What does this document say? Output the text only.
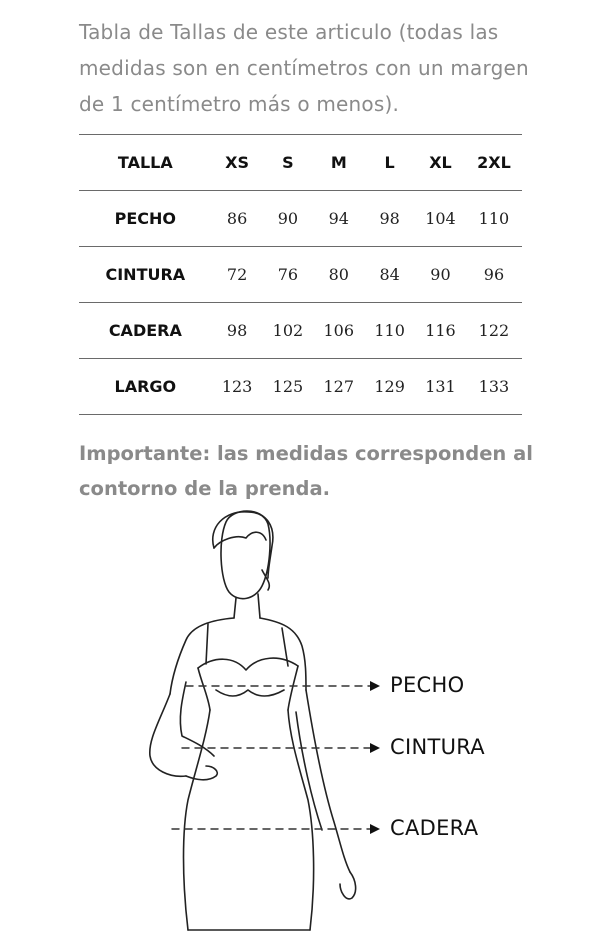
Tabla de Tallas de este articulo (todas las medidas son en centímetros con un margen de 1 centímetro más o menos).
TALLA	XS	S	M	L	XL	2XL
PECHO	86	90	94	98	104	110
CINTURA	72	76	80	84	90	96
CADERA	98	102	106	110	116	122
LARGO	123	125	127	129	131	133
Importante: las medidas corresponden al contorno de la prenda.
PECHO
CINTURA
CADERA
